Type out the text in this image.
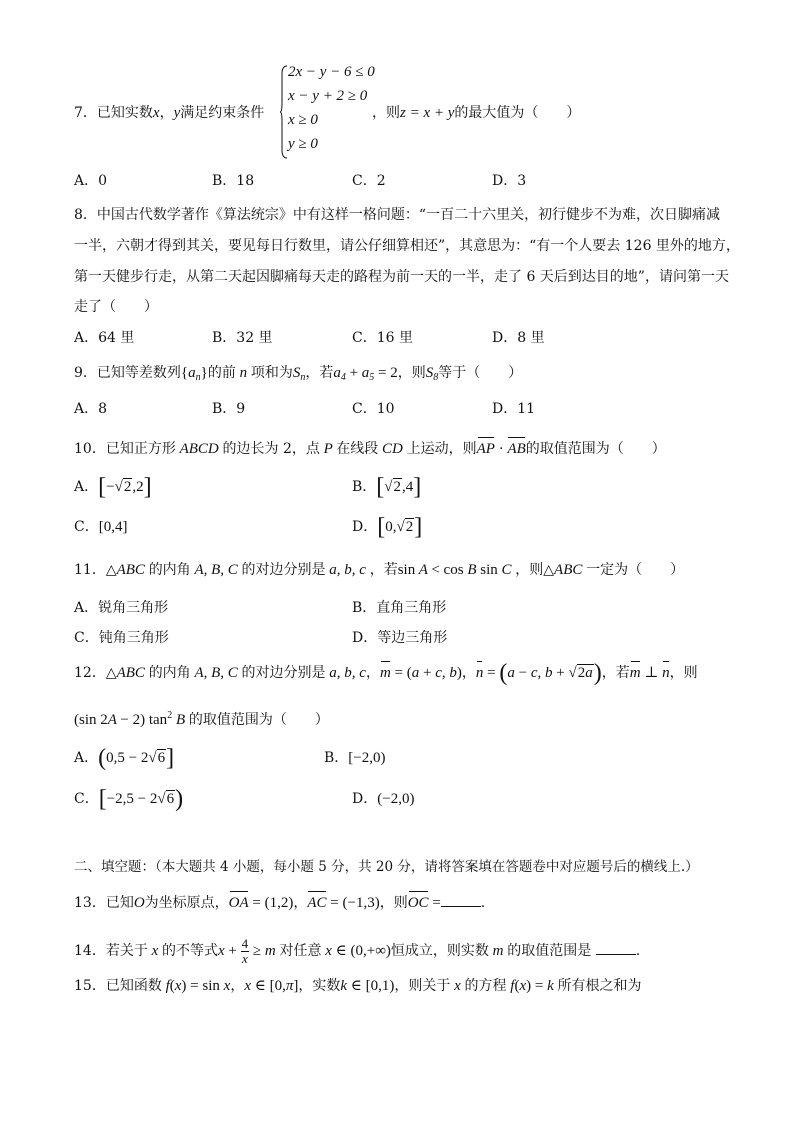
7．已知实数x，y满足约束条件
2x − y − 6 ≤ 0
x − y + 2 ≥ 0
x ≥ 0
y ≥ 0
，则z = x + y的最大值为（　　）
A．0	B．18	C．2	D．3
8．中国古代数学著作《算法统宗》中有这样一格问题：“一百二十六里关，初行健步不为难，次日脚痛减
一半，六朝才得到其关，要见每日行数里，请公仔细算相还”，其意思为：“有一个人要去 126 里外的地方，
第一天健步行走，从第二天起因脚痛每天走的路程为前一天的一半，走了 6 天后到达目的地”，请问第一天
走了（　　）
A．64 里	B．32 里	C．16 里	D．8 里
9．已知等差数列$\{a_n\}$的前 n 项和为$S_n$，若$a_4 + a_5 = 2$，则$S_8$等于（　　）
A．8	B．9	C．10	D．11
10．已知正方形 ABCD 的边长为 2，点 P 在线段 CD 上运动，则AP · AB的取值范围为（　　）
A．[−√2,2]	B．[√2,4]
C．[0,4]	D．[0,√2]
11．△ABC 的内角 A, B, C 的对边分别是 a, b, c ，若sin A < cos B sin C ，则△ABC 一定为（　　）
A．锐角三角形	B．直角三角形
C．钝角三角形	D．等边三角形
12．△ABC 的内角 A, B, C 的对边分别是 a, b, c，m = (a + c, b)，n = (a − c, b + √2a)，若m ⊥ n，则
(sin 2A − 2) $\tan^2 B$ 的取值范围为（　　）
A．(0,5 − 2√6]	B．[−2,0)
C．[−2,5 − 2√6)	D．(−2,0)
二、填空题：（本大题共 4 小题，每小题 5 分，共 20 分，请将答案填在答题卷中对应题号后的横线上.）
13．已知O为坐标原点，OA = (1,2)，AC = (−1,3)，则OC =	.
14．若关于 x 的不等式$x + \frac{4}{x} \ge m$ 对任意 x ∈ (0,+∞)恒成立，则实数 m 的取值范围是	.
15．已知函数 f(x) = sin x，x ∈ [0,π]，实数k ∈ [0,1)，则关于 x 的方程 f(x) = k 所有根之和为
